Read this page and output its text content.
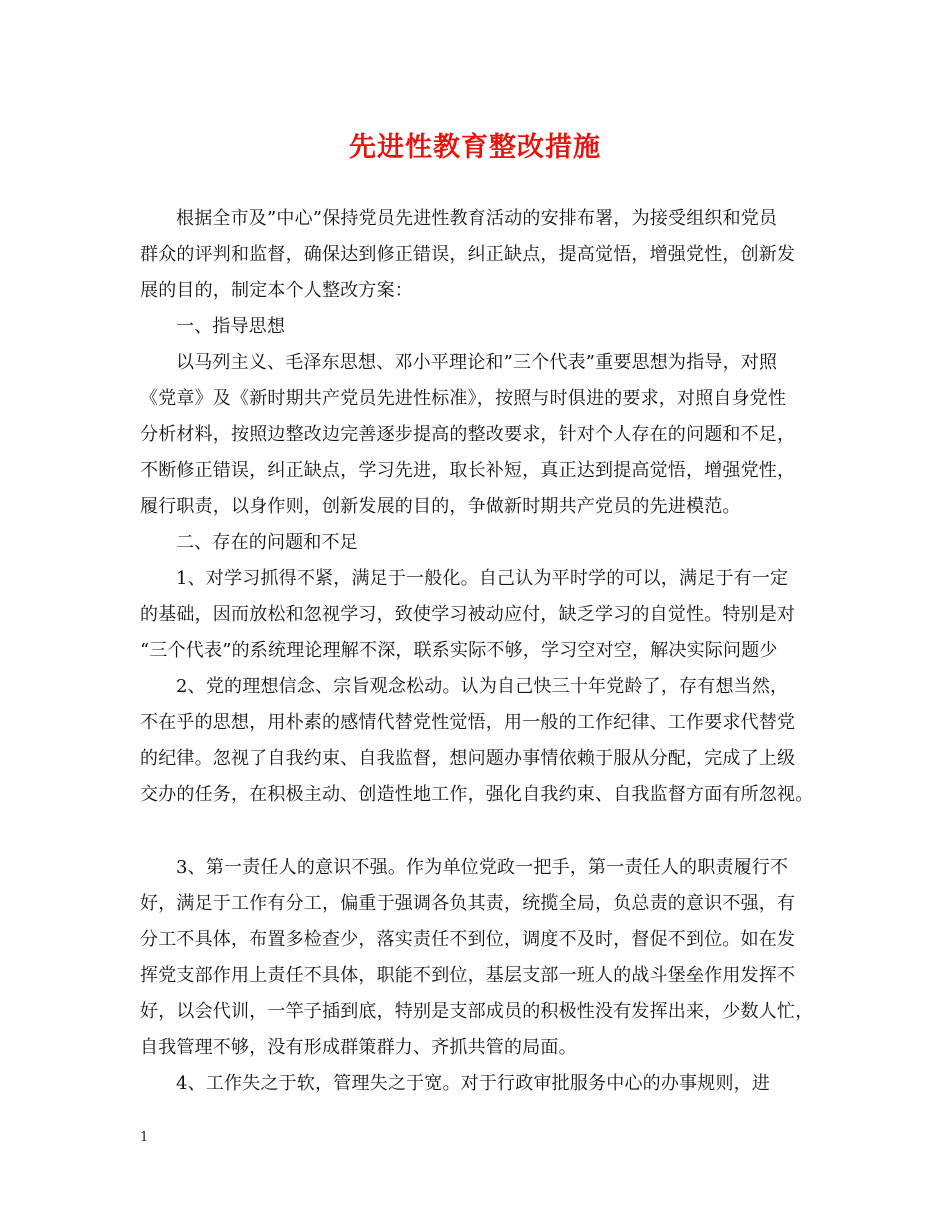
先进性教育整改措施
根据全市及”中心”保持党员先进性教育活动的安排布署，为接受组织和党员
群众的评判和监督，确保达到修正错误，纠正缺点，提高觉悟，增强党性，创新发
展的目的，制定本个人整改方案：
一、指导思想
以马列主义、毛泽东思想、邓小平理论和”三个代表”重要思想为指导，对照
《党章》及《新时期共产党员先进性标准》，按照与时俱进的要求，对照自身党性
分析材料，按照边整改边完善逐步提高的整改要求，针对个人存在的问题和不足，
不断修正错误，纠正缺点，学习先进，取长补短，真正达到提高觉悟，增强党性，
履行职责，以身作则，创新发展的目的，争做新时期共产党员的先进模范。
二、存在的问题和不足
1、对学习抓得不紧，满足于一般化。自己认为平时学的可以，满足于有一定
的基础，因而放松和忽视学习，致使学习被动应付，缺乏学习的自觉性。特别是对
“三个代表”的系统理论理解不深，联系实际不够，学习空对空，解决实际问题少
2、党的理想信念、宗旨观念松动。认为自己快三十年党龄了，存有想当然，
不在乎的思想，用朴素的感情代替党性觉悟，用一般的工作纪律、工作要求代替党
的纪律。忽视了自我约束、自我监督，想问题办事情依赖于服从分配，完成了上级
交办的任务，在积极主动、创造性地工作，强化自我约束、自我监督方面有所忽视。
3、第一责任人的意识不强。作为单位党政一把手，第一责任人的职责履行不
好，满足于工作有分工，偏重于强调各负其责，统揽全局，负总责的意识不强，有
分工不具体，布置多检查少，落实责任不到位，调度不及时，督促不到位。如在发
挥党支部作用上责任不具体，职能不到位，基层支部一班人的战斗堡垒作用发挥不
好，以会代训，一竿子插到底，特别是支部成员的积极性没有发挥出来，少数人忙，
自我管理不够，没有形成群策群力、齐抓共管的局面。
4、工作失之于软，管理失之于宽。对于行政审批服务中心的办事规则，进
1
